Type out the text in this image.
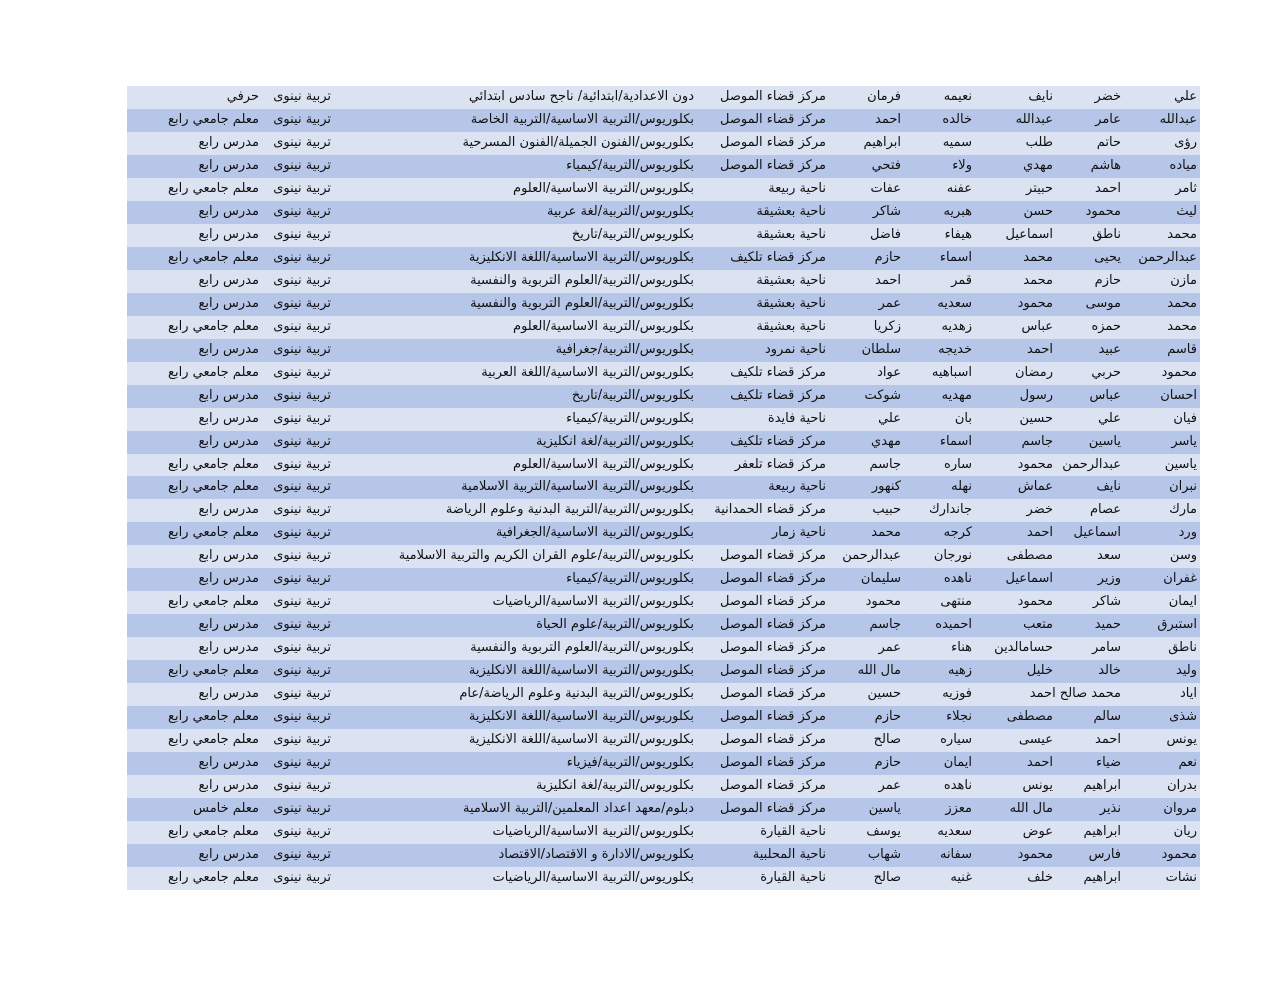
علي
خضر
نايف
نعيمه
فرمان
مركز قضاء الموصل
دون الاعدادية/ابتدائية/ ناجح سادس ابتدائي
تربية نينوى
حرفي
عبدالله
عامر
عبدالله
خالده
احمد
مركز قضاء الموصل
بكلوريوس/التربية الاساسية/التربية الخاصة
تربية نينوى
معلم جامعي رابع
رؤى
حاتم
طلب
سميه
ابراهيم
مركز قضاء الموصل
بكلوريوس/الفنون الجميلة/الفنون المسرحية
تربية نينوى
مدرس رابع
مياده
هاشم
مهدي
ولاء
فتحي
مركز قضاء الموصل
بكلوريوس/التربية/كيمياء
تربية نينوى
مدرس رابع
ثامر
احمد
حبيتر
عفنه
عفات
ناحية ربيعة
بكلوريوس/التربية الاساسية/العلوم
تربية نينوى
معلم جامعي رابع
ليث
محمود
حسن
هبريه
شاكر
ناحية بعشيقة
بكلوريوس/التربية/لغة عربية
تربية نينوى
مدرس رابع
محمد
ناطق
اسماعيل
هيفاء
فاضل
ناحية بعشيقة
بكلوريوس/التربية/تاريخ
تربية نينوى
مدرس رابع
عبدالرحمن
يحيى
محمد
اسماء
حازم
مركز قضاء تلكيف
بكلوريوس/التربية الاساسية/اللغة الانكليزية
تربية نينوى
معلم جامعي رابع
مازن
حازم
محمد
قمر
احمد
ناحية بعشيقة
بكلوريوس/التربية/العلوم التربوية والنفسية
تربية نينوى
مدرس رابع
محمد
موسى
محمود
سعديه
عمر
ناحية بعشيقة
بكلوريوس/التربية/العلوم التربوية والنفسية
تربية نينوى
مدرس رابع
محمد
حمزه
عباس
زهديه
زكريا
ناحية بعشيقة
بكلوريوس/التربية الاساسية/العلوم
تربية نينوى
معلم جامعي رابع
قاسم
عبيد
احمد
خديجه
سلطان
ناحية نمرود
بكلوريوس/التربية/جغرافية
تربية نينوى
مدرس رابع
محمود
حربي
رمضان
اسباهيه
عواد
مركز قضاء تلكيف
بكلوريوس/التربية الاساسية/اللغة العربية
تربية نينوى
معلم جامعي رابع
احسان
عباس
رسول
مهديه
شوكت
مركز قضاء تلكيف
بكلوريوس/التربية/تاريخ
تربية نينوى
مدرس رابع
فيان
علي
حسين
بان
علي
ناحية فايدة
بكلوريوس/التربية/كيمياء
تربية نينوى
مدرس رابع
ياسر
ياسين
جاسم
اسماء
مهدي
مركز قضاء تلكيف
بكلوريوس/التربية/لغة انكليزية
تربية نينوى
مدرس رابع
ياسين
عبدالرحمن
محمود
ساره
جاسم
مركز قضاء تلعفر
بكلوريوس/التربية الاساسية/العلوم
تربية نينوى
معلم جامعي رابع
نبران
نايف
عماش
نهله
كنهور
ناحية ربيعة
بكلوريوس/التربية الاساسية/التربية الاسلامية
تربية نينوى
معلم جامعي رابع
مارك
عصام
خضر
جاندارك
حبيب
مركز قضاء الحمدانية
بكلوريوس/التربية/التربية البدنية وعلوم الرياضة
تربية نينوى
مدرس رابع
ورد
اسماعيل
احمد
كرجه
محمد
ناحية زمار
بكلوريوس/التربية الاساسية/الجغرافية
تربية نينوى
معلم جامعي رابع
وسن
سعد
مصطفى
نورجان
عبدالرحمن
مركز قضاء الموصل
بكلوريوس/التربية/علوم القران الكريم والتربية الاسلامية
تربية نينوى
مدرس رابع
غفران
وزير
اسماعيل
ناهده
سليمان
مركز قضاء الموصل
بكلوريوس/التربية/كيمياء
تربية نينوى
مدرس رابع
ايمان
شاكر
محمود
منتهى
محمود
مركز قضاء الموصل
بكلوريوس/التربية الاساسية/الرياضيات
تربية نينوى
معلم جامعي رابع
استبرق
حميد
متعب
احميده
جاسم
مركز قضاء الموصل
بكلوريوس/التربية/علوم الحياة
تربية نينوى
مدرس رابع
ناطق
سامر
حسامالدين
هناء
عمر
مركز قضاء الموصل
بكلوريوس/التربية/العلوم التربوية والنفسية
تربية نينوى
مدرس رابع
وليد
خالد
خليل
زهيه
مال الله
مركز قضاء الموصل
بكلوريوس/التربية الاساسية/اللغة الانكليزية
تربية نينوى
معلم جامعي رابع
اياد
محمد صالح احمد
فوزيه
حسين
مركز قضاء الموصل
بكلوريوس/التربية البدنية وعلوم الرياضة/عام
تربية نينوى
مدرس رابع
شذى
سالم
مصطفى
نجلاء
حازم
مركز قضاء الموصل
بكلوريوس/التربية الاساسية/اللغة الانكليزية
تربية نينوى
معلم جامعي رابع
يونس
احمد
عيسى
سياره
صالح
مركز قضاء الموصل
بكلوريوس/التربية الاساسية/اللغة الانكليزية
تربية نينوى
معلم جامعي رابع
نعم
ضياء
احمد
ايمان
حازم
مركز قضاء الموصل
بكلوريوس/التربية/فيزياء
تربية نينوى
مدرس رابع
بدران
ابراهيم
يونس
ناهده
عمر
مركز قضاء الموصل
بكلوريوس/التربية/لغة انكليزية
تربية نينوى
مدرس رابع
مروان
نذير
مال الله
معزز
ياسين
مركز قضاء الموصل
دبلوم/معهد اعداد المعلمين/التربية الاسلامية
تربية نينوى
معلم خامس
ريان
ابراهيم
عوض
سعديه
يوسف
ناحية القيارة
بكلوريوس/التربية الاساسية/الرياضيات
تربية نينوى
معلم جامعي رابع
محمود
فارس
محمود
سفانه
شهاب
ناحية المحلبية
بكلوريوس/الادارة و الاقتصاد/الاقتصاد
تربية نينوى
مدرس رابع
نشات
ابراهيم
خلف
غنيه
صالح
ناحية القيارة
بكلوريوس/التربية الاساسية/الرياضيات
تربية نينوى
معلم جامعي رابع
